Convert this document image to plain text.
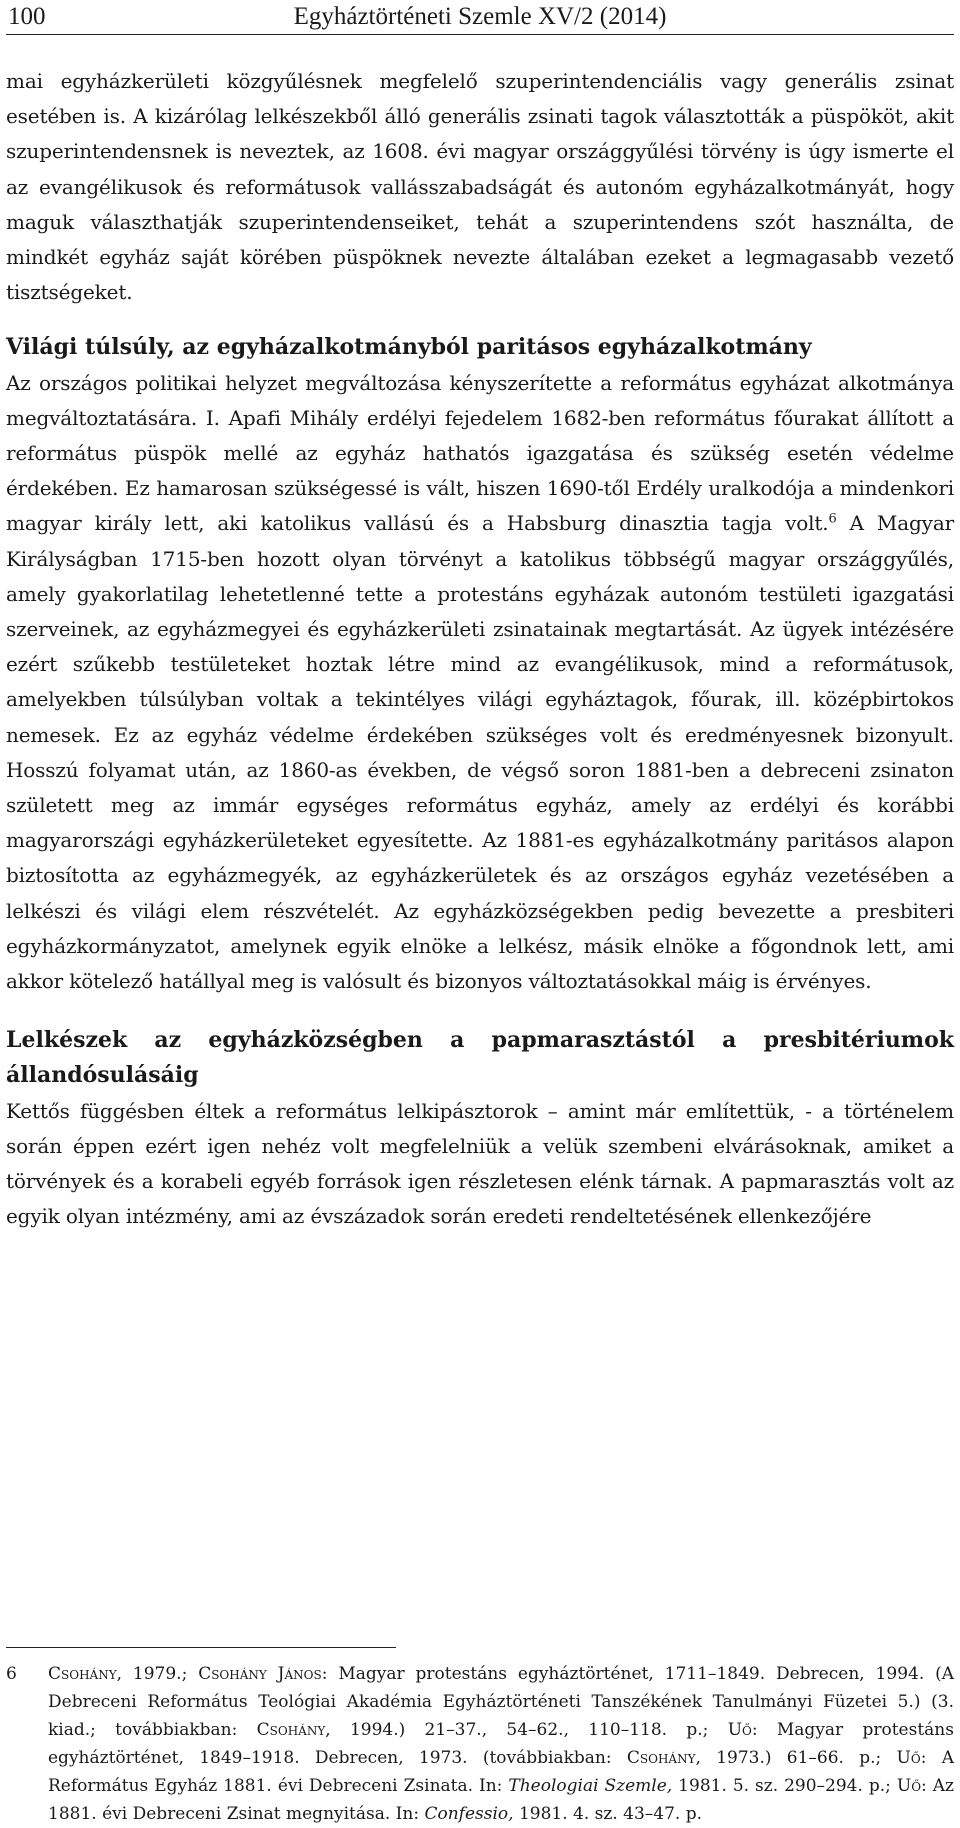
100	Egyháztörténeti Szemle XV/2 (2014)

mai egyházkerületi közgyűlésnek megfelelő szuperintendenciális vagy generális zsinat esetében is. A kizárólag lelkészekből álló generális zsinati tagok választották a püspököt, akit szuperintendensnek is neveztek, az 1608. évi magyar országgyűlési törvény is úgy ismerte el az evangélikusok és reformátusok vallásszabadságát és autonóm egyházalkotmányát, hogy maguk választhatják szuperintendenseiket, tehát a szuperintendens szót használta, de mindkét egyház saját körében püspöknek nevezte általában ezeket a legmagasabb vezető tisztségeket.

Világi túlsúly, az egyházalkotmányból paritásos egyházalkotmány

Az országos politikai helyzet megváltozása kényszerítette a református egyházat alkotmánya megváltoztatására. I. Apafi Mihály erdélyi fejedelem 1682-ben református főurakat állított a református püspök mellé az egyház hathatós igazgatása és szükség esetén védelme érdekében. Ez hamarosan szükségessé is vált, hiszen 1690-től Erdély uralkodója a mindenkori magyar király lett, aki katolikus vallású és a Habsburg dinasztia tagja volt.$^6$ A Magyar Királyságban 1715-ben hozott olyan törvényt a katolikus többségű magyar országgyűlés, amely gyakorlatilag lehetetlenné tette a protestáns egyházak autonóm testületi igazgatási szerveinek, az egyházmegyei és egyházkerületi zsinatainak megtartását. Az ügyek intézésére ezért szűkebb testületeket hoztak létre mind az evangélikusok, mind a reformátusok, amelyekben túlsúlyban voltak a tekintélyes világi egyháztagok, főurak, ill. középbirtokos nemesek. Ez az egyház védelme érdekében szükséges volt és eredményesnek bizonyult. Hosszú folyamat után, az 1860-as években, de végső soron 1881-ben a debreceni zsinaton született meg az immár egységes református egyház, amely az erdélyi és korábbi magyarországi egyházkerületeket egyesítette. Az 1881-es egyházalkotmány paritásos alapon biztosította az egyházmegyék, az egyházkerületek és az országos egyház vezetésében a lelkészi és világi elem részvételét. Az egyházközségekben pedig bevezette a presbiteri egyházkormányzatot, amelynek egyik elnöke a lelkész, másik elnöke a főgondnok lett, ami akkor kötelező hatállyal meg is valósult és bizonyos változtatásokkal máig is érvényes.

Lelkészek az egyházközségben a papmarasztástól a presbitériumok állandósulásáig

Kettős függésben éltek a református lelkipásztorok – amint már említettük, - a történelem során éppen ezért igen nehéz volt megfelelniük a velük szembeni elvárásoknak, amiket a törvények és a korabeli egyéb források igen részletesen elénk tárnak. A papmarasztás volt az egyik olyan intézmény, ami az évszázadok során eredeti rendeltetésének ellenkezőjére

6 Csohány, 1979.; Csohány János: Magyar protestáns egyháztörténet, 1711–1849. Debrecen, 1994. (A Debreceni Református Teológiai Akadémia Egyháztörténeti Tanszékének Tanulmányi Füzetei 5.) (3. kiad.; továbbiakban: Csohány, 1994.) 21–37., 54–62., 110–118. p.; Uő: Magyar protestáns egyháztörténet, 1849–1918. Debrecen, 1973. (továbbiakban: Csohány, 1973.) 61–66. p.; Uő: A Református Egyház 1881. évi Debreceni Zsinata. In: Theologiai Szemle, 1981. 5. sz. 290–294. p.; Uő: Az 1881. évi Debreceni Zsinat megnyitása. In: Confessio, 1981. 4. sz. 43–47. p.
